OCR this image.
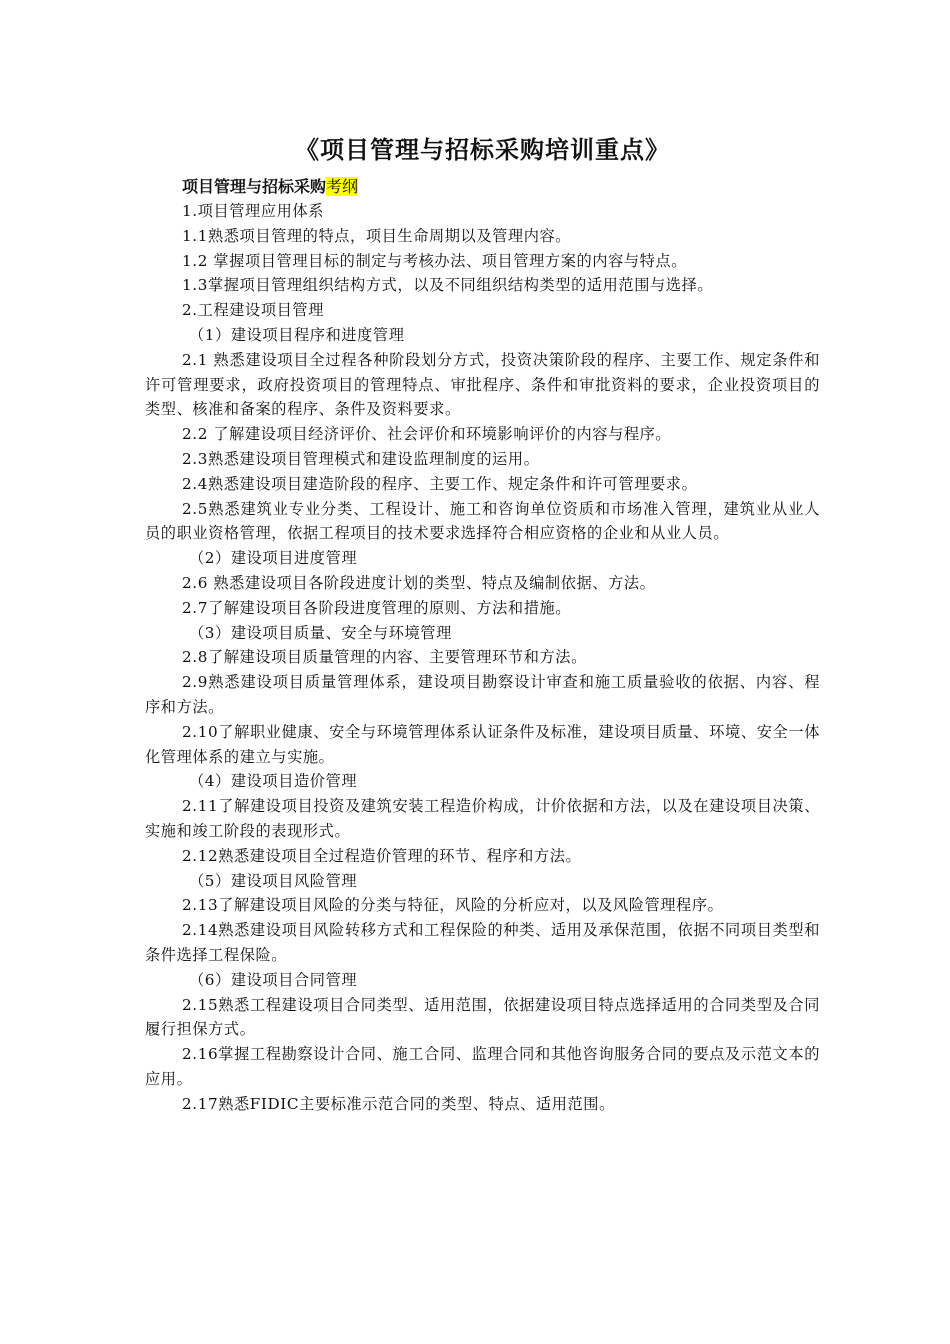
《项目管理与招标采购培训重点》

项目管理与招标采购考纲

1.项目管理应用体系

1.1熟悉项目管理的特点，项目生命周期以及管理内容。

1.2 掌握项目管理目标的制定与考核办法、项目管理方案的内容与特点。

1.3掌握项目管理组织结构方式，以及不同组织结构类型的适用范围与选择。

2.工程建设项目管理

（1）建设项目程序和进度管理

2.1 熟悉建设项目全过程各种阶段划分方式，投资决策阶段的程序、主要工作、规定条件和许可管理要求，政府投资项目的管理特点、审批程序、条件和审批资料的要求，企业投资项目的类型、核准和备案的程序、条件及资料要求。

2.2 了解建设项目经济评价、社会评价和环境影响评价的内容与程序。

2.3熟悉建设项目管理模式和建设监理制度的运用。

2.4熟悉建设项目建造阶段的程序、主要工作、规定条件和许可管理要求。

2.5熟悉建筑业专业分类、工程设计、施工和咨询单位资质和市场准入管理，建筑业从业人员的职业资格管理，依据工程项目的技术要求选择符合相应资格的企业和从业人员。

（2）建设项目进度管理

2.6 熟悉建设项目各阶段进度计划的类型、特点及编制依据、方法。

2.7了解建设项目各阶段进度管理的原则、方法和措施。

（3）建设项目质量、安全与环境管理

2.8了解建设项目质量管理的内容、主要管理环节和方法。

2.9熟悉建设项目质量管理体系，建设项目勘察设计审查和施工质量验收的依据、内容、程序和方法。

2.10了解职业健康、安全与环境管理体系认证条件及标准，建设项目质量、环境、安全一体化管理体系的建立与实施。

（4）建设项目造价管理

2.11了解建设项目投资及建筑安装工程造价构成，计价依据和方法，以及在建设项目决策、实施和竣工阶段的表现形式。

2.12熟悉建设项目全过程造价管理的环节、程序和方法。

（5）建设项目风险管理

2.13了解建设项目风险的分类与特征，风险的分析应对，以及风险管理程序。

2.14熟悉建设项目风险转移方式和工程保险的种类、适用及承保范围，依据不同项目类型和条件选择工程保险。

（6）建设项目合同管理

2.15熟悉工程建设项目合同类型、适用范围，依据建设项目特点选择适用的合同类型及合同履行担保方式。

2.16掌握工程勘察设计合同、施工合同、监理合同和其他咨询服务合同的要点及示范文本的应用。

2.17熟悉FIDIC主要标准示范合同的类型、特点、适用范围。
